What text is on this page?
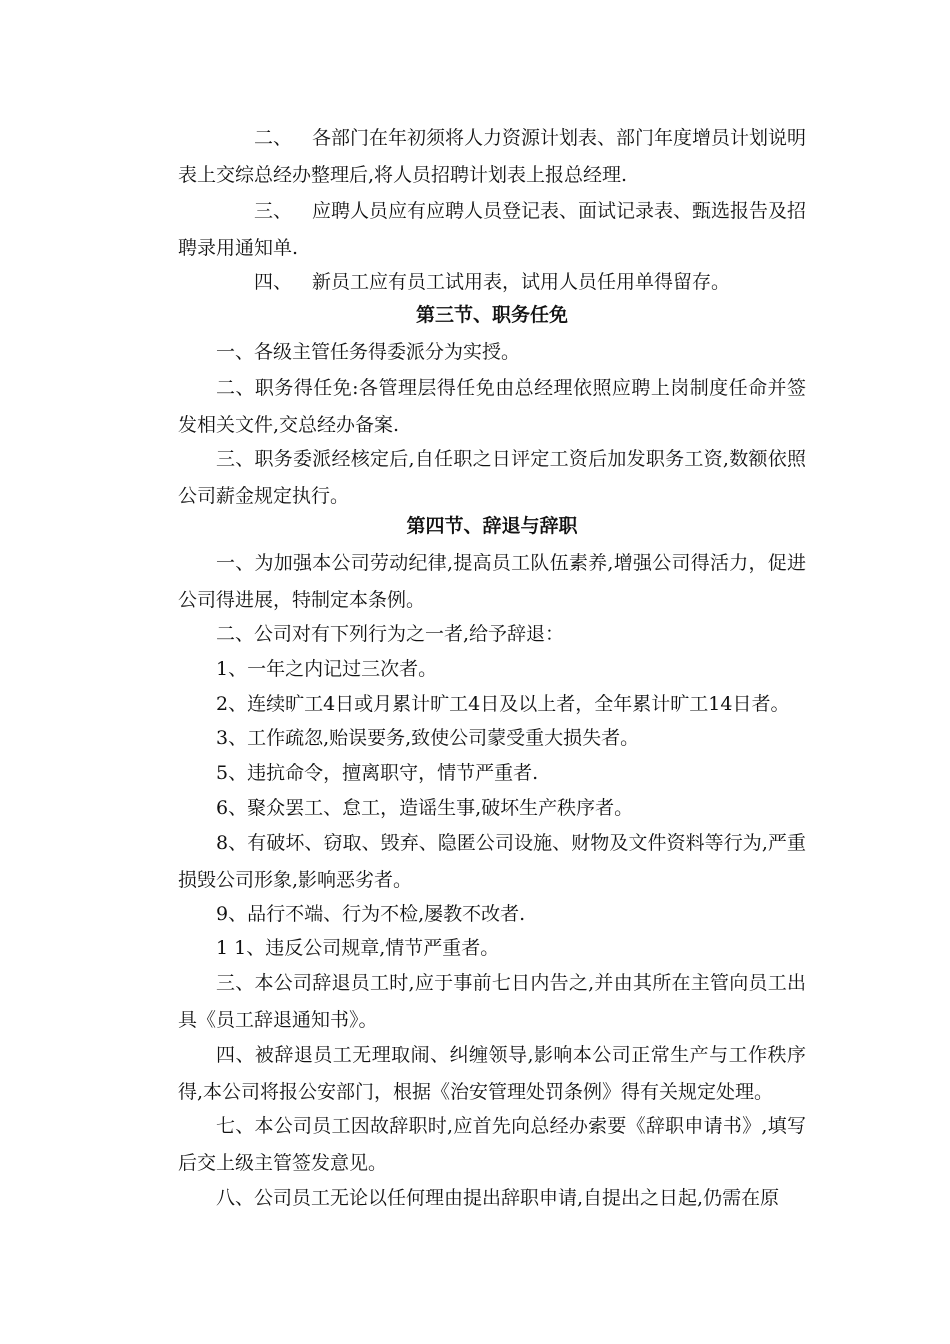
二、 各部门在年初须将人力资源计划表、部门年度增员计划说明表上交综总经办整理后,将人员招聘计划表上报总经理.

三、 应聘人员应有应聘人员登记表、面试记录表、甄选报告及招聘录用通知单.

四、 新员工应有员工试用表，试用人员任用单得留存。

第三节、职务任免

一、各级主管任务得委派分为实授。

二、职务得任免:各管理层得任免由总经理依照应聘上岗制度任命并签发相关文件,交总经办备案.

三、职务委派经核定后,自任职之日评定工资后加发职务工资,数额依照公司薪金规定执行。

第四节、辞退与辞职

一、为加强本公司劳动纪律,提高员工队伍素养,增强公司得活力，促进公司得进展，特制定本条例。

二、公司对有下列行为之一者,给予辞退：

1、一年之内记过三次者。

2、连续旷工4日或月累计旷工4日及以上者，全年累计旷工14日者。

3、工作疏忽,贻误要务,致使公司蒙受重大损失者。

5、违抗命令，擅离职守，情节严重者.

6、聚众罢工、怠工，造谣生事,破坏生产秩序者。

8、有破坏、窃取、毁弃、隐匿公司设施、财物及文件资料等行为,严重损毁公司形象,影响恶劣者。

9、品行不端、行为不检,屡教不改者.

1 1、违反公司规章,情节严重者。

三、本公司辞退员工时,应于事前七日内告之,并由其所在主管向员工出具《员工辞退通知书》。

四、被辞退员工无理取闹、纠缠领导,影响本公司正常生产与工作秩序得,本公司将报公安部门，根据《治安管理处罚条例》得有关规定处理。

七、本公司员工因故辞职时,应首先向总经办索要《辞职申请书》,填写后交上级主管签发意见。

八、公司员工无论以任何理由提出辞职申请,自提出之日起,仍需在原
